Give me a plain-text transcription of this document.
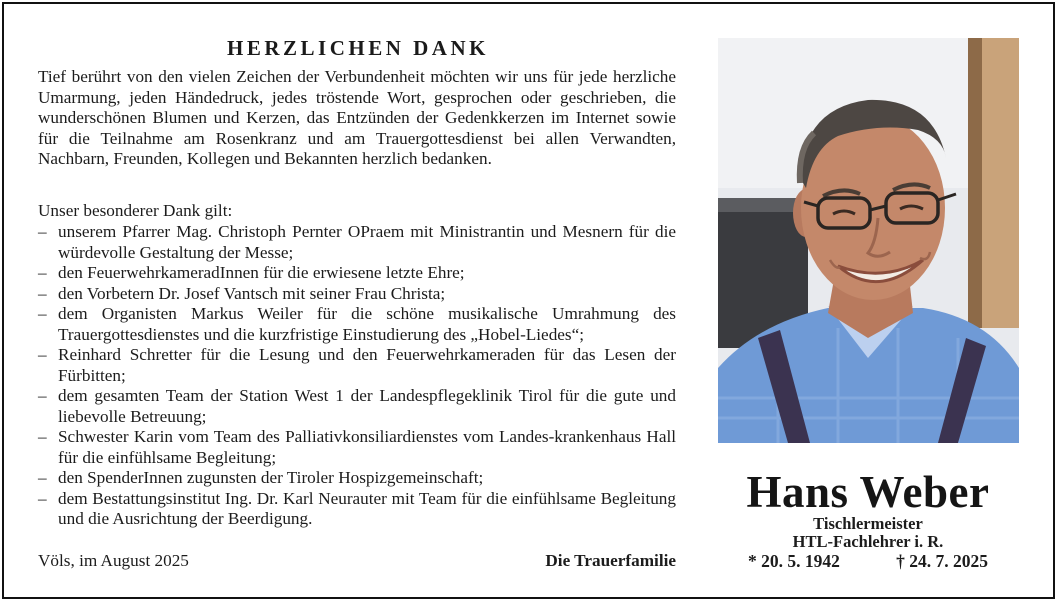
HERZLICHEN DANK
Tief berührt von den vielen Zeichen der Verbundenheit möchten wir uns für jede herzliche Umarmung, jeden Händedruck, jedes tröstende Wort, gesprochen oder geschrieben, die wunderschönen Blumen und Kerzen, das Entzünden der Gedenkkerzen im Internet sowie für die Teilnahme am Rosenkranz und am Trauergottesdienst bei allen Verwandten, Nachbarn, Freunden, Kollegen und Bekannten herzlich bedanken.
Unser besonderer Dank gilt:
– unserem Pfarrer Mag. Christoph Pernter OPraem mit Ministrantin und Mesnern für die würdevolle Gestaltung der Messe;
– den FeuerwehrkameradInnen für die erwiesene letzte Ehre;
– den Vorbetern Dr. Josef Vantsch mit seiner Frau Christa;
– dem Organisten Markus Weiler für die schöne musikalische Umrahmung des Trauergottesdienstes und die kurzfristige Einstudierung des „Hobel-Liedes“;
– Reinhard Schretter für die Lesung und den Feuerwehrkameraden für das Lesen der Fürbitten;
– dem gesamten Team der Station West 1 der Landespflegeklinik Tirol für die gute und liebevolle Betreuung;
– Schwester Karin vom Team des Palliativkonsiliardienstes vom Landes-krankenhaus Hall für die einfühlsame Begleitung;
– den SpenderInnen zugunsten der Tiroler Hospizgemeinschaft;
– dem Bestattungsinstitut Ing. Dr. Karl Neurauter mit Team für die einfühlsame Begleitung und die Ausrichtung der Beerdigung.
Völs, im August 2025	Die Trauerfamilie
Hans Weber
Tischlermeister
HTL-Fachlehrer i. R.
* 20. 5. 1942	† 24. 7. 2025
